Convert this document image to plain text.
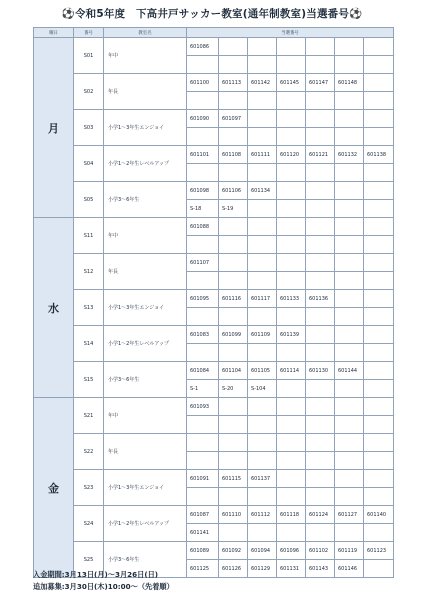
⚽令和5年度　下高井戸サッカー教室(通年制教室)当選番号⚽
曜日	番号	教室名	当選番号						
月	S01	年中	601086						

	S02	年長	601100	601113	601142	601145	601147	601148	

	S03	小学1〜3年生エンジョイ	601090	601097					

	S04	小学1〜2年生レベルアップ	601101	601108	601111	601120	601121	601132	601138

	S05	小学3〜6年生	601098	601106	601134				
			S-18	S-19					
水	S11	年中	601088						

	S12	年長	601107						

	S13	小学1〜3年生エンジョイ	601095	601116	601117	601133	601136		

	S14	小学1〜2年生レベルアップ	601083	601099	601109	601139			

	S15	小学3〜6年生	601084	601104	601105	601114	601130	601144	
			S-1	S-20	S-104				
金	S21	年中	601093						

	S22	年長							

	S23	小学1〜3年生エンジョイ	601091	601115	601137				

	S24	小学1〜2年生レベルアップ	601087	601110	601112	601118	601124	601127	601140
			601141						
	S25	小学3〜6年生	601089	601092	601094	601096	601102	601119	601123
			601125	601126	601129	601131	601143	601146	
入金期間:3月13日(月)〜3月26日(日)
追加募集:3月30日(木)10:00〜（先着順）
